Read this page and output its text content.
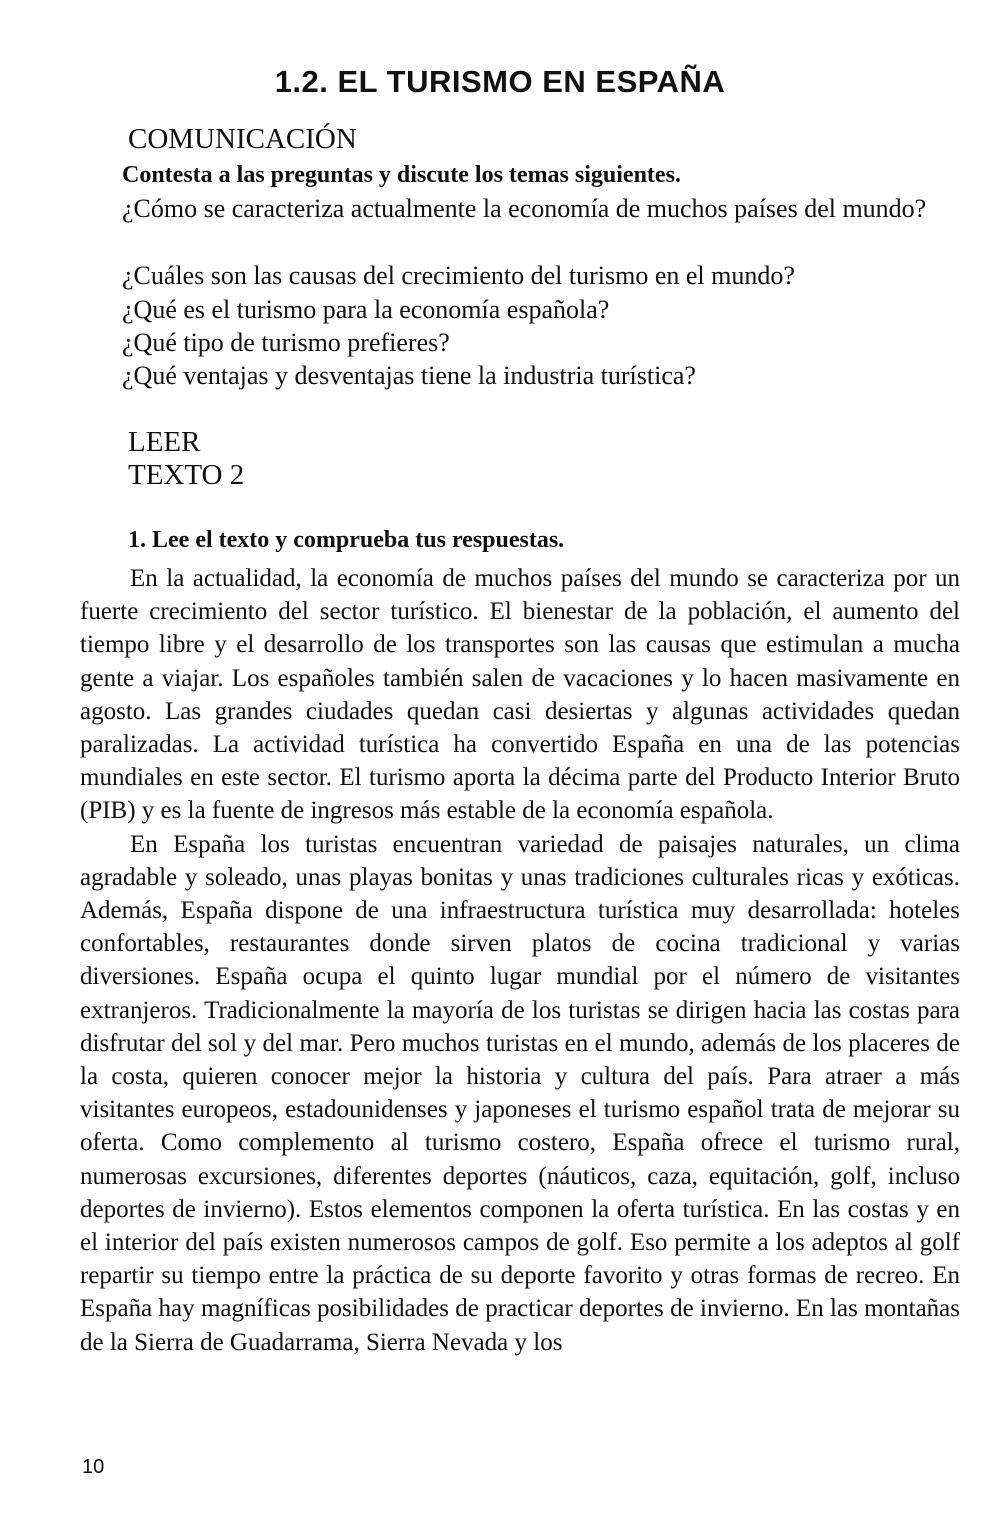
1.2. EL TURISMO EN ESPAÑA
COMUNICACIÓN
Contesta a las preguntas y discute los temas siguientes.
¿Cómo se caracteriza actualmente la economía de muchos países del mundo?
¿Cuáles son las causas del crecimiento del turismo en el mundo?
¿Qué es el turismo para la economía española?
¿Qué tipo de turismo prefieres?
¿Qué ventajas y desventajas tiene la industria turística?
LEER
TEXTO 2
1. Lee el texto y comprueba tus respuestas.

En la actualidad, la economía de muchos países del mundo se caracteriza por un fuerte crecimiento del sector turístico. El bienestar de la población, el aumento del tiempo libre y el desarrollo de los transportes son las causas que estimulan a mucha gente a viajar. Los españoles también salen de vacaciones y lo hacen masivamente en agosto. Las grandes ciudades quedan casi desiertas y algunas actividades quedan paralizadas. La actividad turística ha convertido España en una de las potencias mundiales en este sector. El turismo aporta la décima parte del Producto Interior Bruto (PIB) y es la fuente de ingresos más estable de la economía española.

En España los turistas encuentran variedad de paisajes naturales, un clima agradable y soleado, unas playas bonitas y unas tradiciones culturales ricas y exóticas. Además, España dispone de una infraestructura turística muy desarrollada: hoteles confortables, restaurantes donde sirven platos de cocina tradicional y varias diversiones. España ocupa el quinto lugar mundial por el número de visitantes extranjeros. Tradicionalmente la mayoría de los turistas se dirigen hacia las costas para disfrutar del sol y del mar. Pero muchos turistas en el mundo, además de los placeres de la costa, quieren conocer mejor la historia y cultura del país. Para atraer a más visitantes europeos, estadounidenses y japoneses el turismo español trata de mejorar su oferta. Como complemento al turismo costero, España ofrece el turismo rural, numerosas excursiones, diferentes deportes (náuticos, caza, equitación, golf, incluso deportes de invierno). Estos elementos componen la oferta turística. En las costas y en el interior del país existen numerosos campos de golf. Eso permite a los adeptos al golf repartir su tiempo entre la práctica de su deporte favorito y otras formas de recreo. En España hay magníficas posibilidades de practicar deportes de invierno. En las montañas de la Sierra de Guadarrama, Sierra Nevada y los

10
